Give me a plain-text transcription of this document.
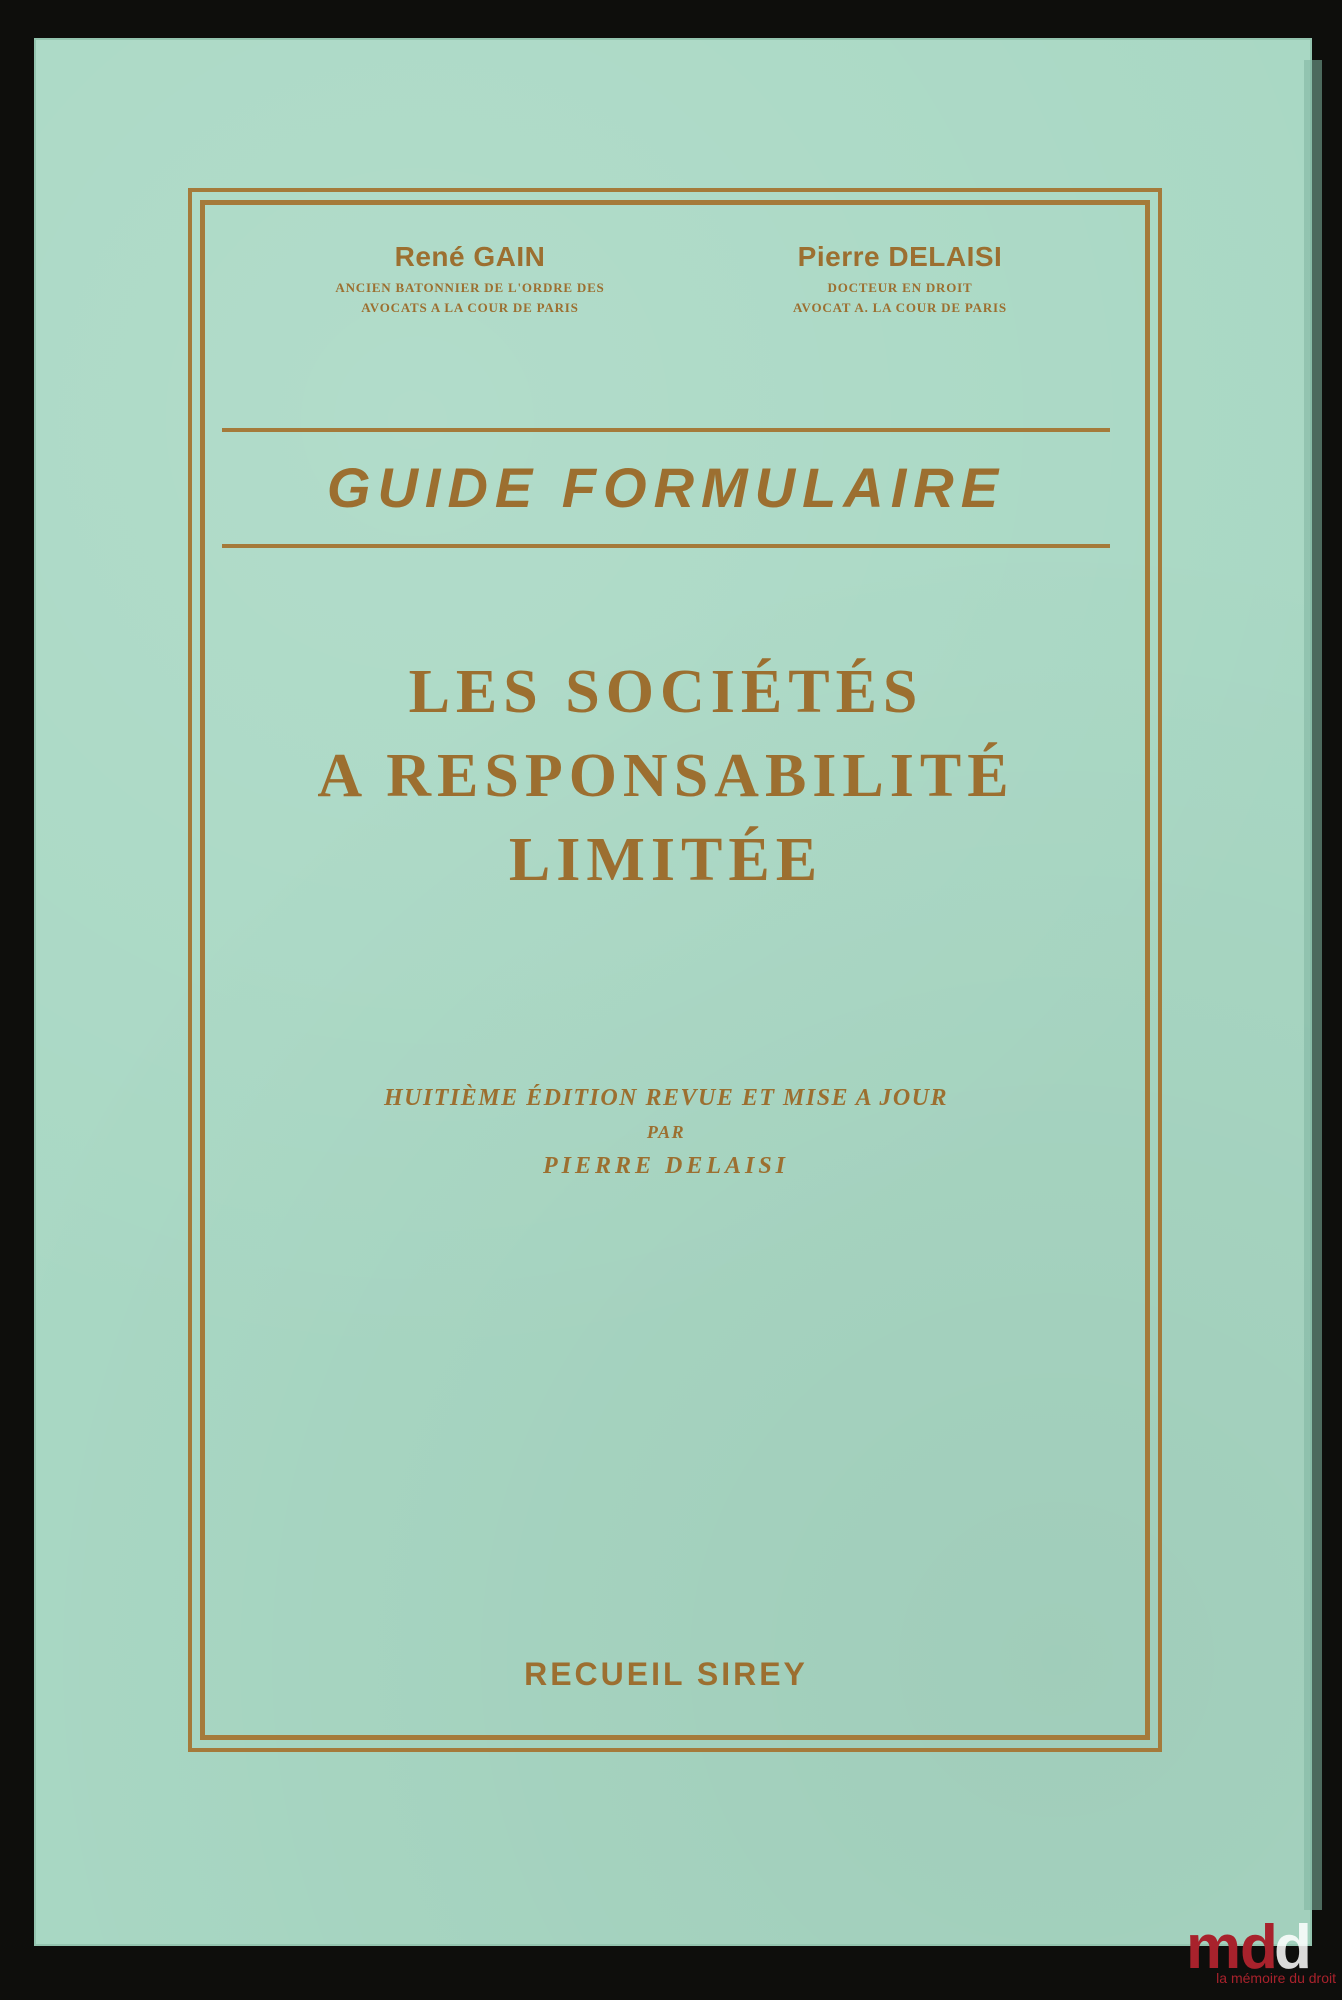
René GAIN
ANCIEN BATONNIER DE L'ORDRE DES
AVOCATS A LA COUR DE PARIS
Pierre DELAISI
DOCTEUR EN DROIT
AVOCAT A. LA COUR DE PARIS
GUIDE FORMULAIRE
LES SOCIÉTÉS
A RESPONSABILITÉ
LIMITÉE
HUITIÈME ÉDITION REVUE ET MISE A JOUR
PAR
PIERRE DELAISI
RECUEIL SIREY
m
d
d
la mémoire du droit
